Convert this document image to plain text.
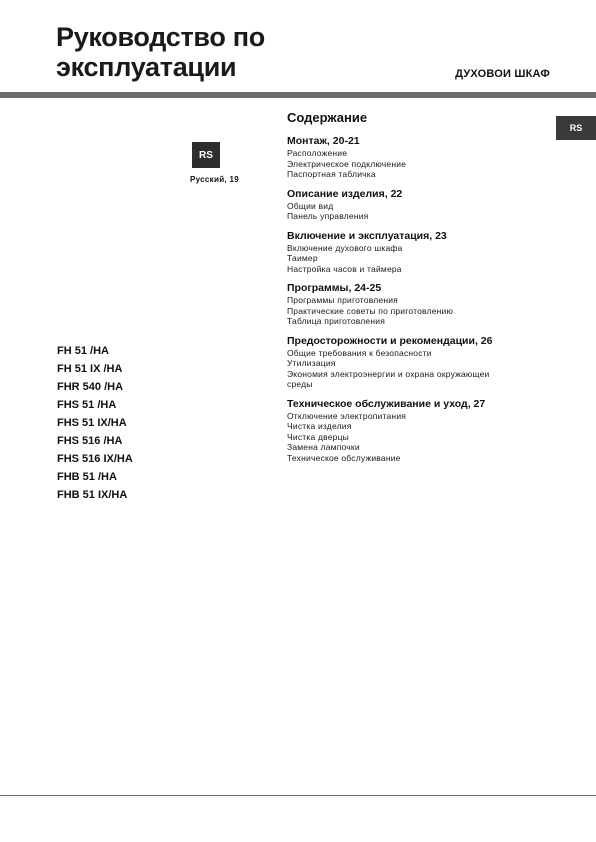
Руководство по
эксплуатации	ДУХОВОИ ШКАФ
RS
RS
Русский, 19
FH 51 /HA
FH 51 IX /HA
FHR 540 /HA
FHS 51 /HA
FHS 51 IX/HA
FHS 516 /HA
FHS 516 IX/HA
FHB 51 /HA
FHB 51 IX/HA
Содержание
Монтаж, 20-21
Расположение
Электрическое подключение
Паспортная табличка
Описание изделия, 22
Общии вид
Панель управления
Включение и эксплуатация, 23
Включение духового шкафа
Таимер
Настройка часов и таймера
Программы, 24-25
Программы приготовления
Практические советы по приготовлению
Таблица приготовления
Предосторожности и рекомендации, 26
Общие требования к безопасности
Утилизация
Экономия электроэнергии и охрана окружающеи
среды
Техническое обслуживание и уход, 27
Отключение электропитания
Чистка изделия
Чистка дверцы
Замена лампочки
Техническое обслуживание
